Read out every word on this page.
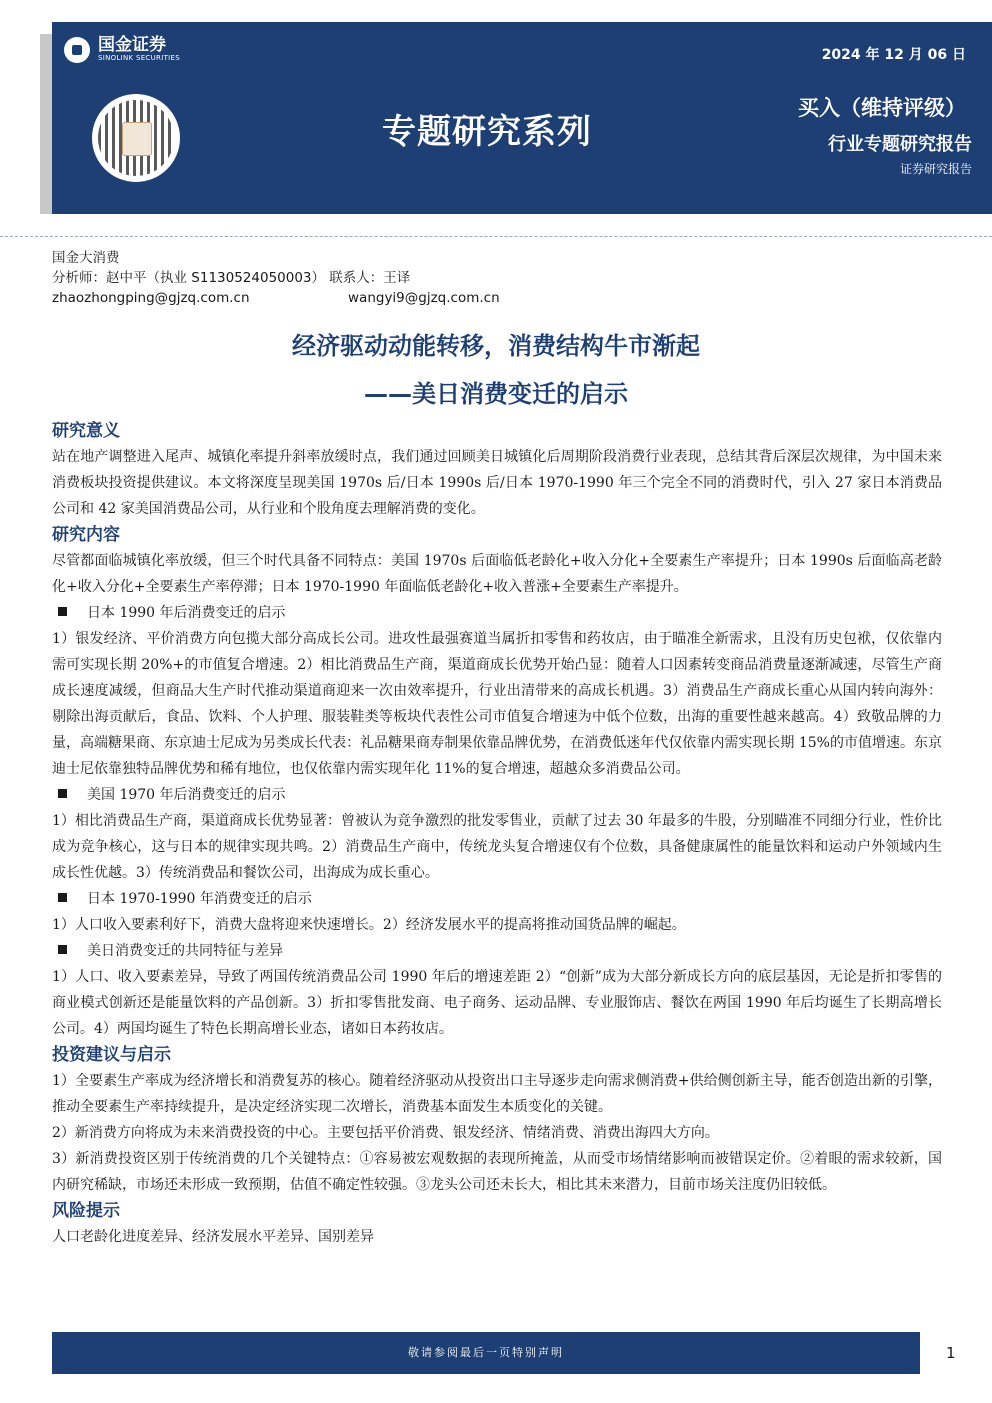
国金证券
SINOLINK SECURITIES
专题研究系列
2024 年 12 月 06 日
买入（维持评级）
行业专题研究报告
证券研究报告
国金大消费
分析师：赵中平（执业 S1130524050003） 联系人：王译
zhaozhongping@gjzq.com.cn	wangyi9@gjzq.com.cn
经济驱动动能转移，消费结构牛市渐起
——美日消费变迁的启示
研究意义
站在地产调整进入尾声、城镇化率提升斜率放缓时点，我们通过回顾美日城镇化后周期阶段消费行业表现，总结其背后深层次规律，为中国未来消费板块投资提供建议。本文将深度呈现美国 1970s 后/日本 1990s 后/日本 1970-1990 年三个完全不同的消费时代，引入 27 家日本消费品公司和 42 家美国消费品公司，从行业和个股角度去理解消费的变化。
研究内容
尽管都面临城镇化率放缓，但三个时代具备不同特点：美国 1970s 后面临低老龄化+收入分化+全要素生产率提升；日本 1990s 后面临高老龄化+收入分化+全要素生产率停滞；日本 1970-1990 年面临低老龄化+收入普涨+全要素生产率提升。
日本 1990 年后消费变迁的启示
1）银发经济、平价消费方向包揽大部分高成长公司。进攻性最强赛道当属折扣零售和药妆店，由于瞄准全新需求，且没有历史包袱，仅依靠内需可实现长期 20%+的市值复合增速。2）相比消费品生产商，渠道商成长优势开始凸显：随着人口因素转变商品消费量逐渐减速，尽管生产商成长速度减缓，但商品大生产时代推动渠道商迎来一次由效率提升，行业出清带来的高成长机遇。3）消费品生产商成长重心从国内转向海外：剔除出海贡献后，食品、饮料、个人护理、服装鞋类等板块代表性公司市值复合增速为中低个位数，出海的重要性越来越高。4）致敬品牌的力量，高端糖果商、东京迪士尼成为另类成长代表：礼品糖果商寿制果依靠品牌优势，在消费低迷年代仅依靠内需实现长期 15%的市值增速。东京迪士尼依靠独特品牌优势和稀有地位，也仅依靠内需实现年化 11%的复合增速，超越众多消费品公司。
美国 1970 年后消费变迁的启示
1）相比消费品生产商，渠道商成长优势显著：曾被认为竞争激烈的批发零售业，贡献了过去 30 年最多的牛股，分别瞄准不同细分行业，性价比成为竞争核心，这与日本的规律实现共鸣。2）消费品生产商中，传统龙头复合增速仅有个位数，具备健康属性的能量饮料和运动户外领域内生成长性优越。3）传统消费品和餐饮公司，出海成为成长重心。
日本 1970-1990 年消费变迁的启示
1）人口收入要素利好下，消费大盘将迎来快速增长。2）经济发展水平的提高将推动国货品牌的崛起。
美日消费变迁的共同特征与差异
1）人口、收入要素差异，导致了两国传统消费品公司 1990 年后的增速差距 2）“创新”成为大部分新成长方向的底层基因，无论是折扣零售的商业模式创新还是能量饮料的产品创新。3）折扣零售批发商、电子商务、运动品牌、专业服饰店、餐饮在两国 1990 年后均诞生了长期高增长公司。4）两国均诞生了特色长期高增长业态，诸如日本药妆店。
投资建议与启示
1）全要素生产率成为经济增长和消费复苏的核心。随着经济驱动从投资出口主导逐步走向需求侧消费+供给侧创新主导，能否创造出新的引擎，推动全要素生产率持续提升，是决定经济实现二次增长，消费基本面发生本质变化的关键。
2）新消费方向将成为未来消费投资的中心。主要包括平价消费、银发经济、情绪消费、消费出海四大方向。
3）新消费投资区别于传统消费的几个关键特点：①容易被宏观数据的表现所掩盖，从而受市场情绪影响而被错误定价。②着眼的需求较新，国内研究稀缺，市场还未形成一致预期，估值不确定性较强。③龙头公司还未长大，相比其未来潜力，目前市场关注度仍旧较低。
风险提示
人口老龄化进度差异、经济发展水平差异、国别差异
敬请参阅最后一页特别声明	1
